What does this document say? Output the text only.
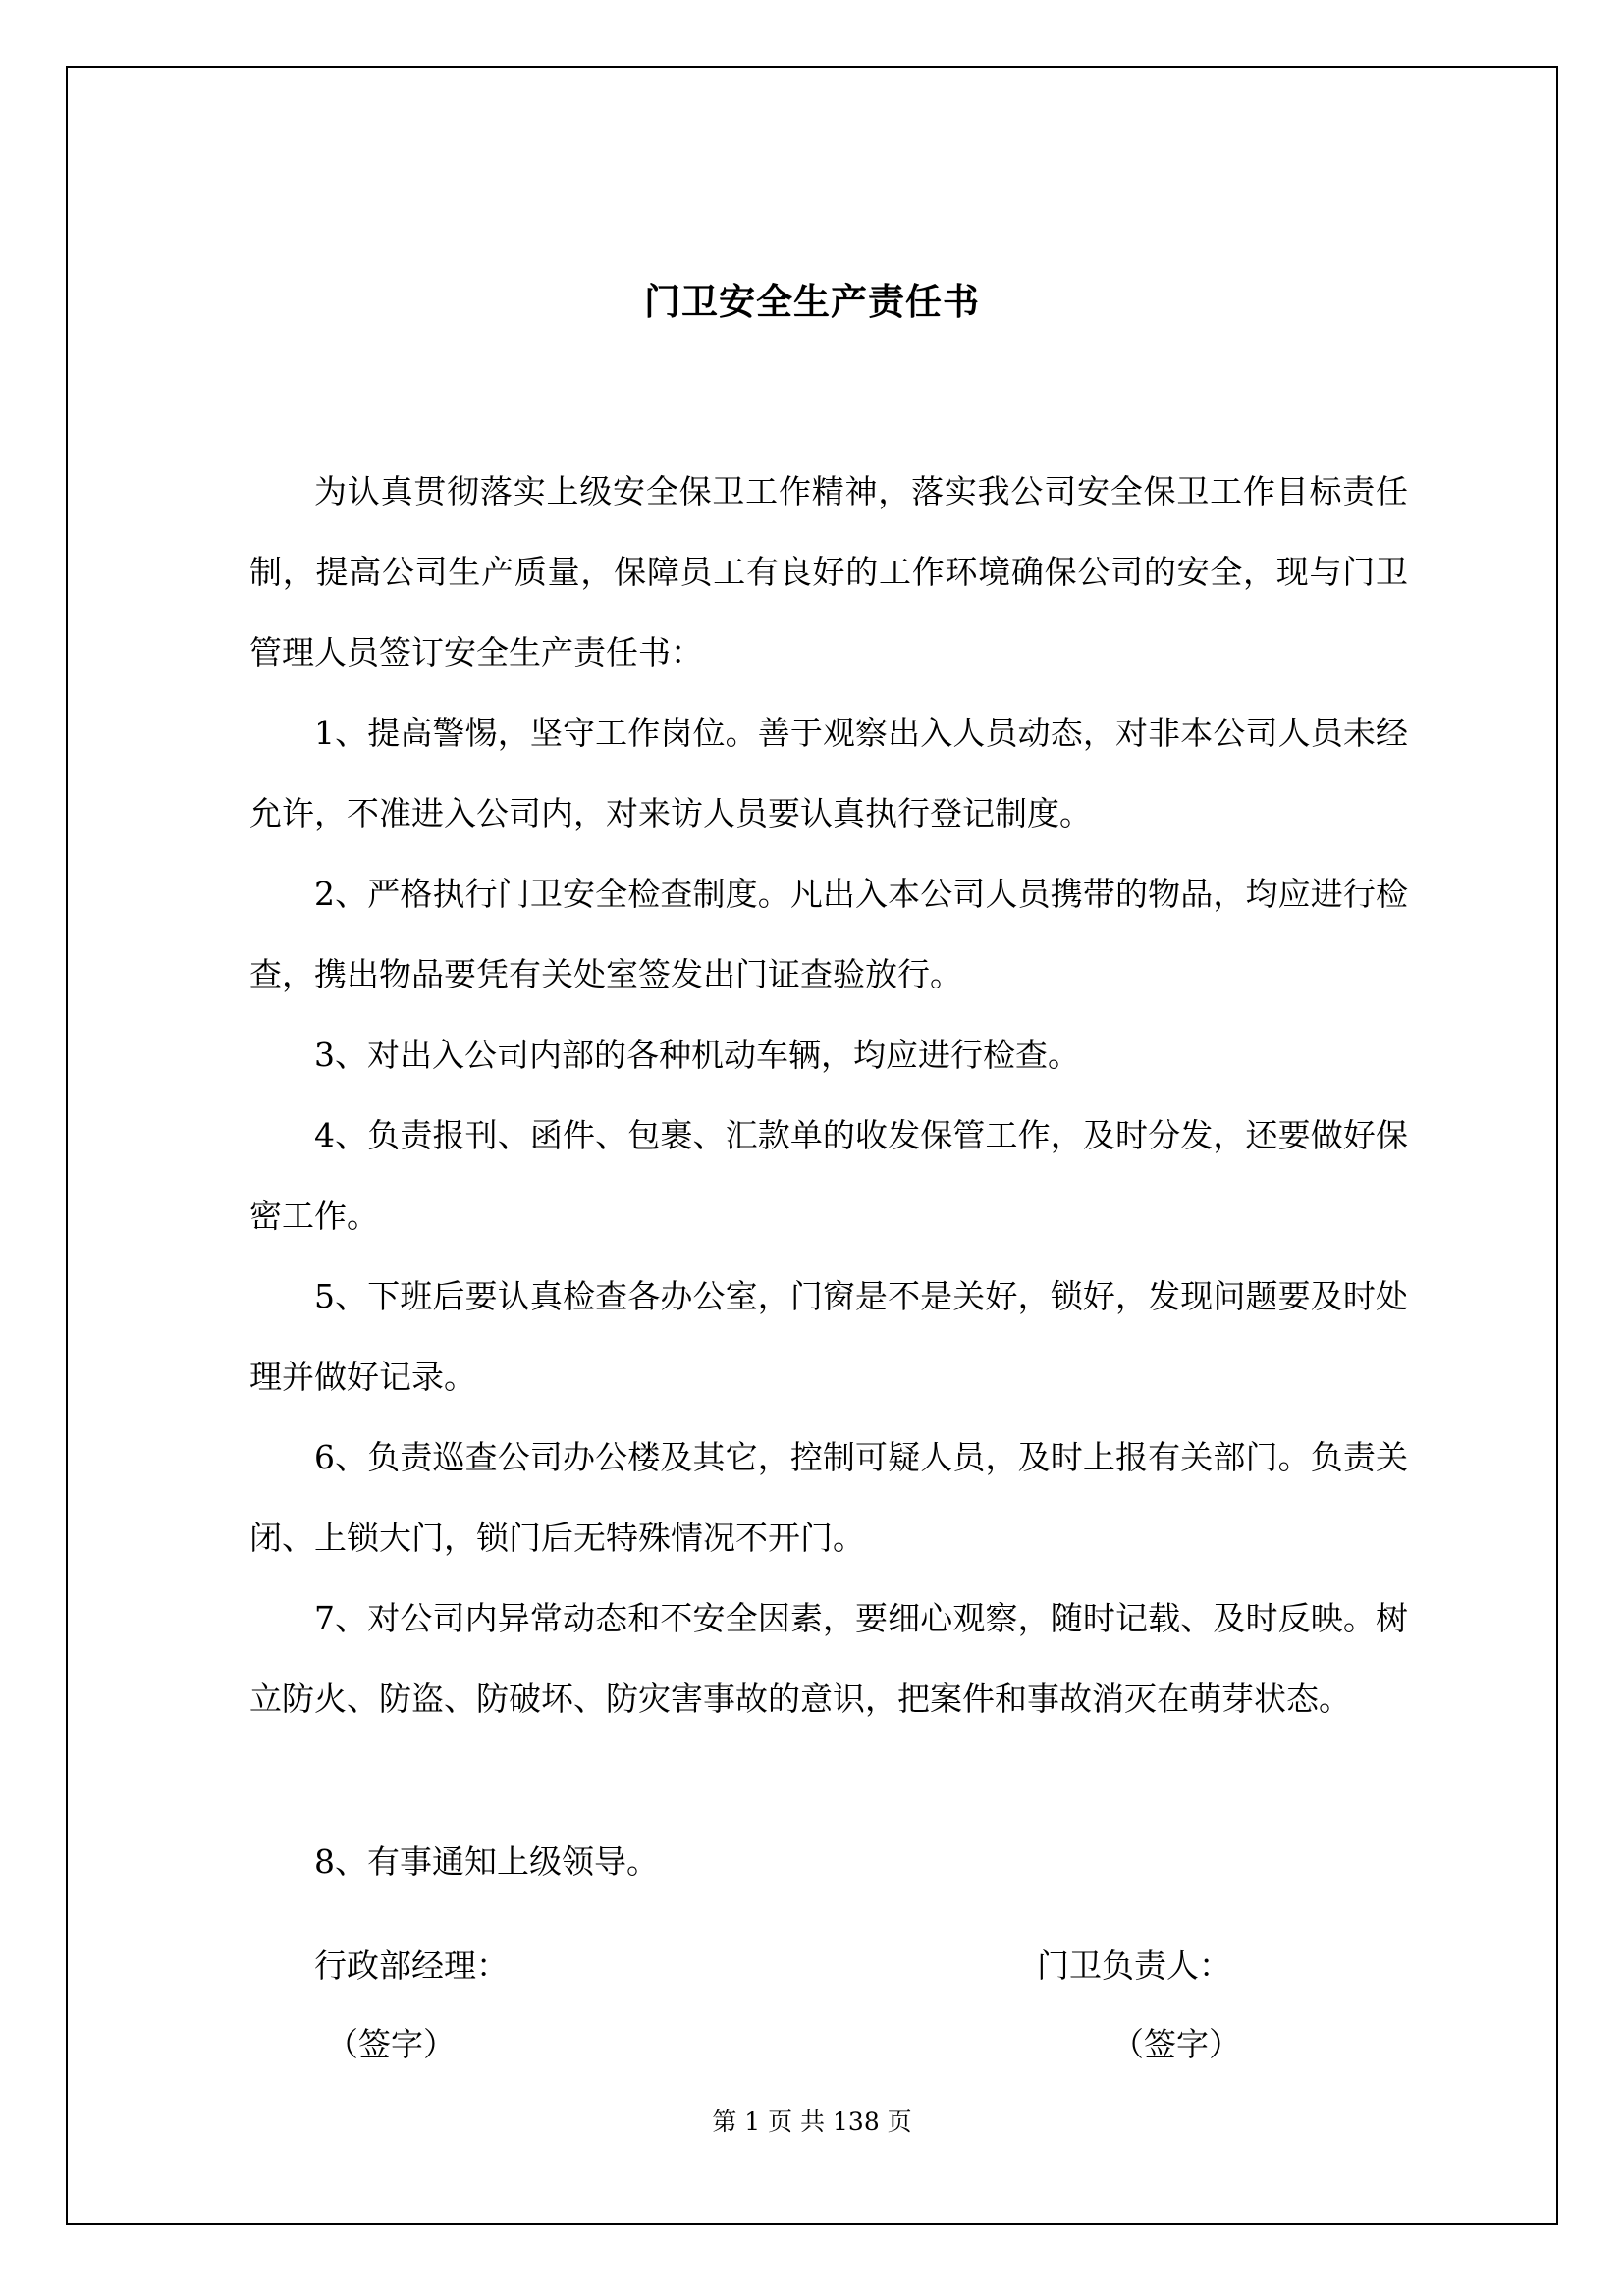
门卫安全生产责任书

为认真贯彻落实上级安全保卫工作精神，落实我公司安全保卫工作目标责任制，提高公司生产质量，保障员工有良好的工作环境确保公司的安全，现与门卫管理人员签订安全生产责任书：

1、提高警惕，坚守工作岗位。善于观察出入人员动态，对非本公司人员未经允许，不准进入公司内，对来访人员要认真执行登记制度。

2、严格执行门卫安全检查制度。凡出入本公司人员携带的物品，均应进行检查，携出物品要凭有关处室签发出门证查验放行。

3、对出入公司内部的各种机动车辆，均应进行检查。

4、负责报刊、函件、包裹、汇款单的收发保管工作，及时分发，还要做好保密工作。

5、下班后要认真检查各办公室，门窗是不是关好，锁好，发现问题要及时处理并做好记录。

6、负责巡查公司办公楼及其它，控制可疑人员，及时上报有关部门。负责关闭、上锁大门，锁门后无特殊情况不开门。

7、对公司内异常动态和不安全因素，要细心观察，随时记载、及时反映。树立防火、防盗、防破坏、防灾害事故的意识，把案件和事故消灭在萌芽状态。

8、有事通知上级领导。

行政部经理：	门卫负责人：
（签字）	（签字）
第 1 页 共 138 页
